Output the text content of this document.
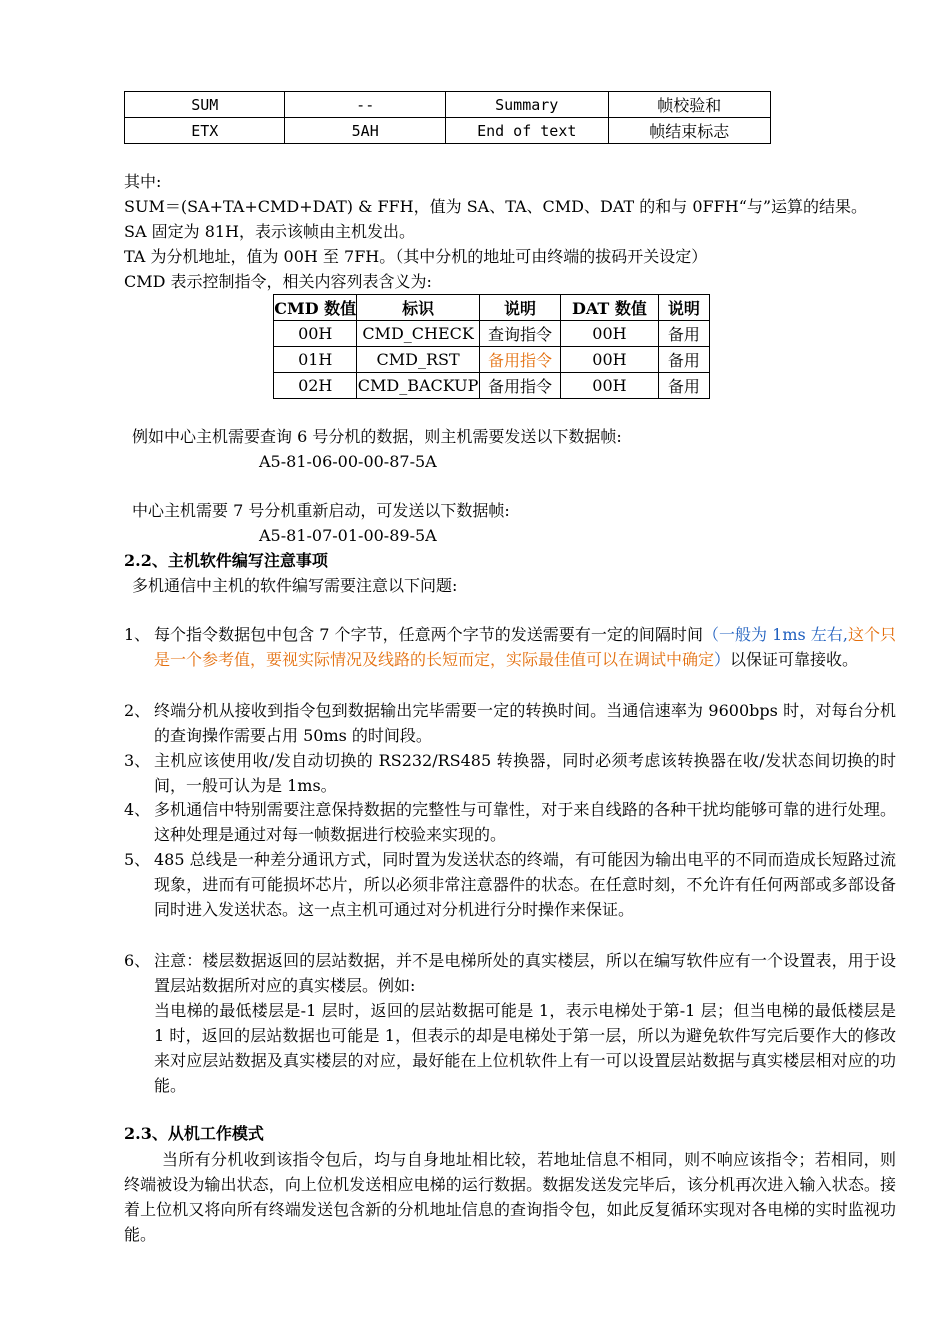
SUM	--	Summary	帧校验和
ETX	5AH	End of text	帧结束标志
其中:
SUM＝(SA+TA+CMD+DAT) & FFH，值为 SA、TA、CMD、DAT 的和与 0FFH“与”运算的结果。
SA 固定为 81H，表示该帧由主机发出。
TA 为分机地址，值为 00H 至 7FH。（其中分机的地址可由终端的拔码开关设定）
CMD 表示控制指令，相关内容列表含义为:
CMD 数值	标识	说明	DAT 数值	说明
00H	CMD_CHECK	查询指令	00H	备用
01H	CMD_RST	备用指令	00H	备用
02H	CMD_BACKUP	备用指令	00H	备用
例如中心主机需要查询 6 号分机的数据，则主机需要发送以下数据帧:
A5-81-06-00-00-87-5A
中心主机需要 7 号分机重新启动，可发送以下数据帧:
A5-81-07-01-00-89-5A
2.2、主机软件编写注意事项
多机通信中主机的软件编写需要注意以下问题:
1、 每个指令数据包中包含 7 个字节，任意两个字节的发送需要有一定的间隔时间（一般为 1ms 左右,这个只是一个参考值，要视实际情况及线路的长短而定，实际最佳值可以在调试中确定）以保证可靠接收。
2、 终端分机从接收到指令包到数据输出完毕需要一定的转换时间。当通信速率为 9600bps 时，对每台分机的查询操作需要占用 50ms 的时间段。
3、 主机应该使用收/发自动切换的 RS232/RS485 转换器，同时必须考虑该转换器在收/发状态间切换的时间，一般可认为是 1ms。
4、 多机通信中特别需要注意保持数据的完整性与可靠性，对于来自线路的各种干扰均能够可靠的进行处理。这种处理是通过对每一帧数据进行校验来实现的。
5、 485 总线是一种差分通讯方式，同时置为发送状态的终端，有可能因为输出电平的不同而造成长短路过流现象，进而有可能损坏芯片，所以必须非常注意器件的状态。在任意时刻，不允许有任何两部或多部设备同时进入发送状态。这一点主机可通过对分机进行分时操作来保证。
6、 注意：楼层数据返回的层站数据，并不是电梯所处的真实楼层，所以在编写软件应有一个设置表，用于设置层站数据所对应的真实楼层。例如:
当电梯的最低楼层是-1 层时，返回的层站数据可能是 1，表示电梯处于第-1 层；但当电梯的最低楼层是 1 时，返回的层站数据也可能是 1，但表示的却是电梯处于第一层，所以为避免软件写完后要作大的修改来对应层站数据及真实楼层的对应，最好能在上位机软件上有一可以设置层站数据与真实楼层相对应的功能。
2.3、从机工作模式
当所有分机收到该指令包后，均与自身地址相比较，若地址信息不相同，则不响应该指令；若相同，则终端被设为输出状态，向上位机发送相应电梯的运行数据。数据发送发完毕后，该分机再次进入输入状态。接着上位机又将向所有终端发送包含新的分机地址信息的查询指令包，如此反复循环实现对各电梯的实时监视功能。
